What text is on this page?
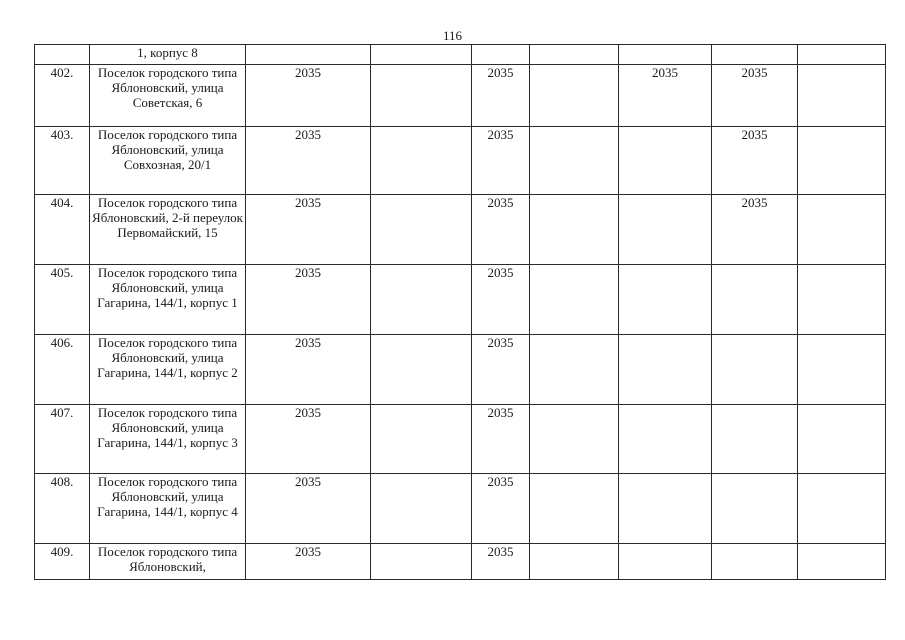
116
	1, корпус 8							
402.	Поселок городского типа Яблоновский, улица Советская, 6	2035		2035		2035	2035	
403.	Поселок городского типа Яблоновский, улица Совхозная, 20/1	2035		2035			2035	
404.	Поселок городского типа Яблоновский, 2-й переулок Первомайский, 15	2035		2035			2035	
405.	Поселок городского типа Яблоновский, улица Гагарина, 144/1, корпус 1	2035		2035				
406.	Поселок городского типа Яблоновский, улица Гагарина, 144/1, корпус 2	2035		2035				
407.	Поселок городского типа Яблоновский, улица Гагарина, 144/1, корпус 3	2035		2035				
408.	Поселок городского типа Яблоновский, улица Гагарина, 144/1, корпус 4	2035		2035				
409.	Поселок городского типа Яблоновский,	2035		2035				
